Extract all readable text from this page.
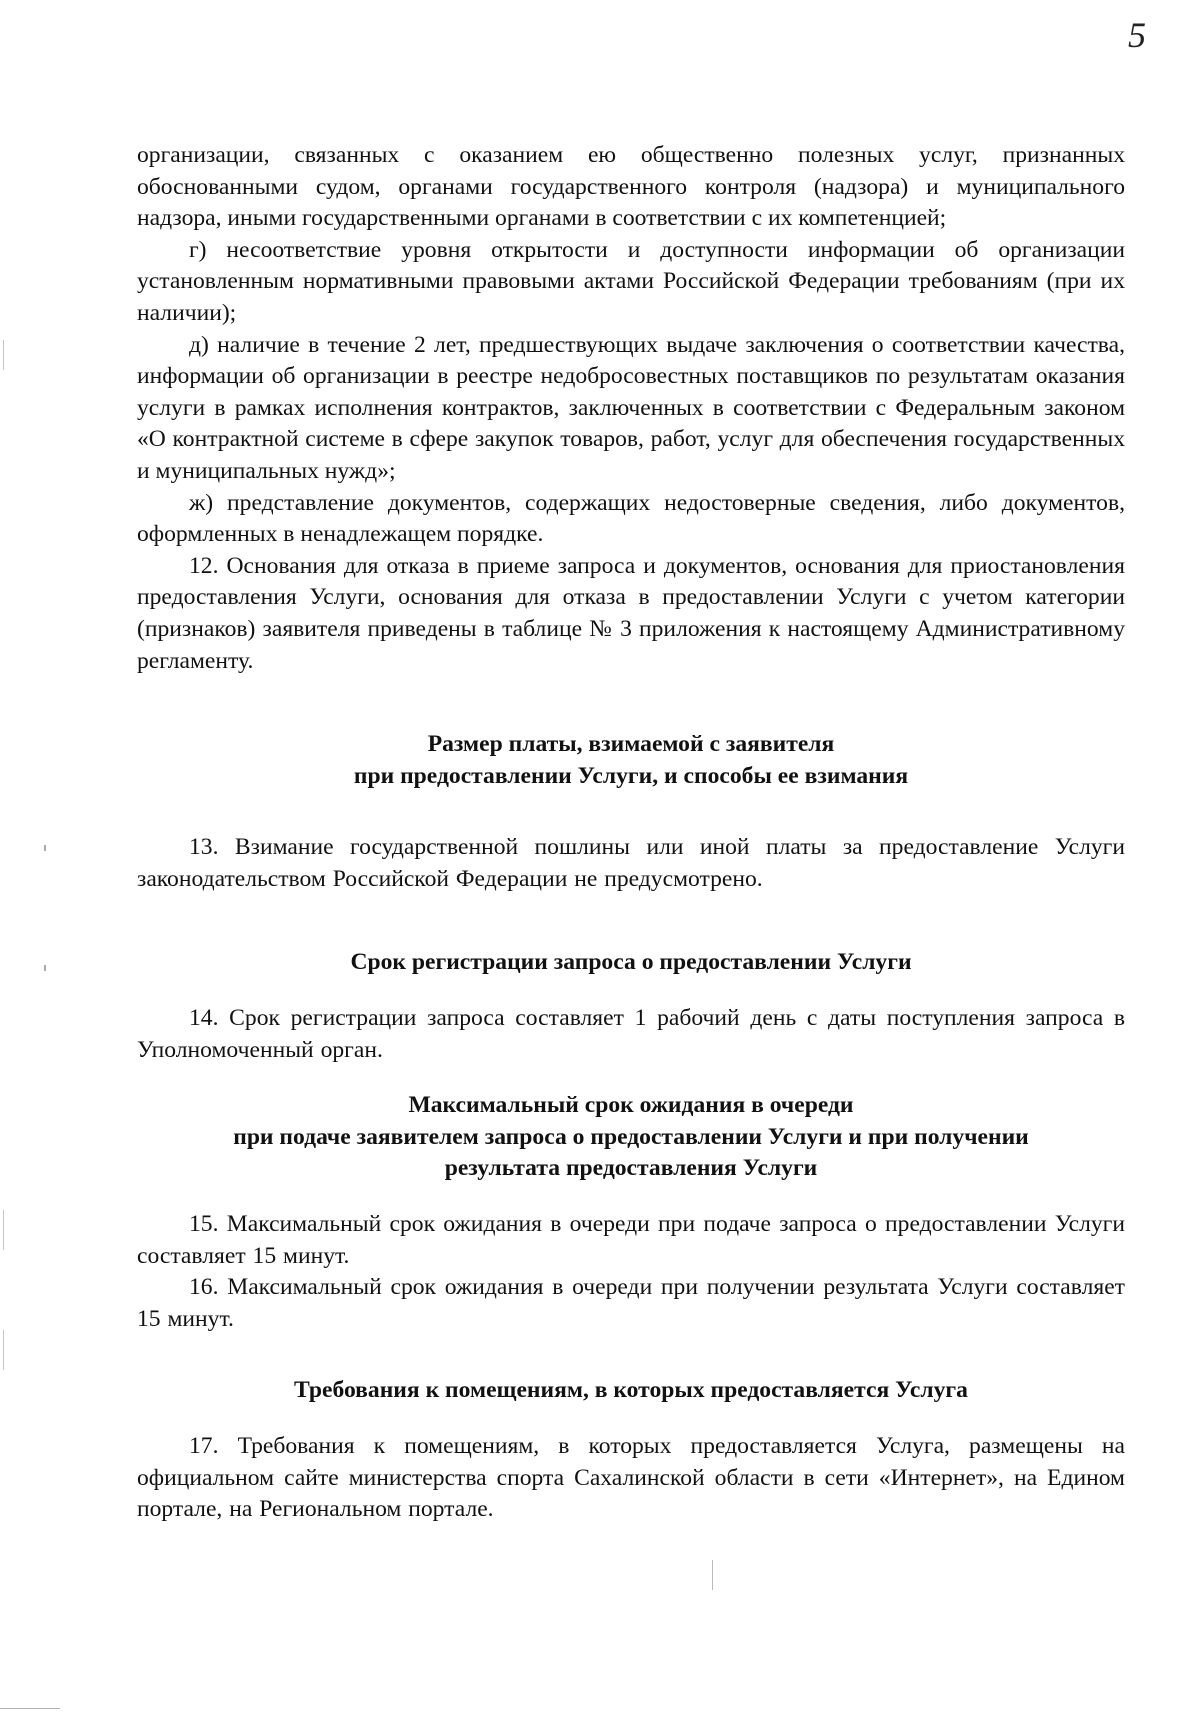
5

организации, связанных с оказанием ею общественно полезных услуг, признанных обоснованными судом, органами государственного контроля (надзора) и муниципального надзора, иными государственными органами в соответствии с их компетенцией;

г) несоответствие уровня открытости и доступности информации об организации установленным нормативными правовыми актами Российской Федерации требованиям (при их наличии);

д) наличие в течение 2 лет, предшествующих выдаче заключения о соответствии качества, информации об организации в реестре недобросовестных поставщиков по результатам оказания услуги в рамках исполнения контрактов, заключенных в соответствии с Федеральным законом «О контрактной системе в сфере закупок товаров, работ, услуг для обеспечения государственных и муниципальных нужд»;

ж) представление документов, содержащих недостоверные сведения, либо документов, оформленных в ненадлежащем порядке.

12. Основания для отказа в приеме запроса и документов, основания для приостановления предоставления Услуги, основания для отказа в предоставлении Услуги с учетом категории (признаков) заявителя приведены в таблице № 3 приложения к настоящему Административному регламенту.

Размер платы, взимаемой с заявителя
при предоставлении Услуги, и способы ее взимания

13. Взимание государственной пошлины или иной платы за предоставление Услуги законодательством Российской Федерации не предусмотрено.

Срок регистрации запроса о предоставлении Услуги

14. Срок регистрации запроса составляет 1 рабочий день с даты поступления запроса в Уполномоченный орган.

Максимальный срок ожидания в очереди
при подаче заявителем запроса о предоставлении Услуги и при получении
результата предоставления Услуги

15. Максимальный срок ожидания в очереди при подаче запроса о предоставлении Услуги составляет 15 минут.

16. Максимальный срок ожидания в очереди при получении результата Услуги составляет 15 минут.

Требования к помещениям, в которых предоставляется Услуга

17. Требования к помещениям, в которых предоставляется Услуга, размещены на официальном сайте министерства спорта Сахалинской области в сети «Интернет», на Едином портале, на Региональном портале.
